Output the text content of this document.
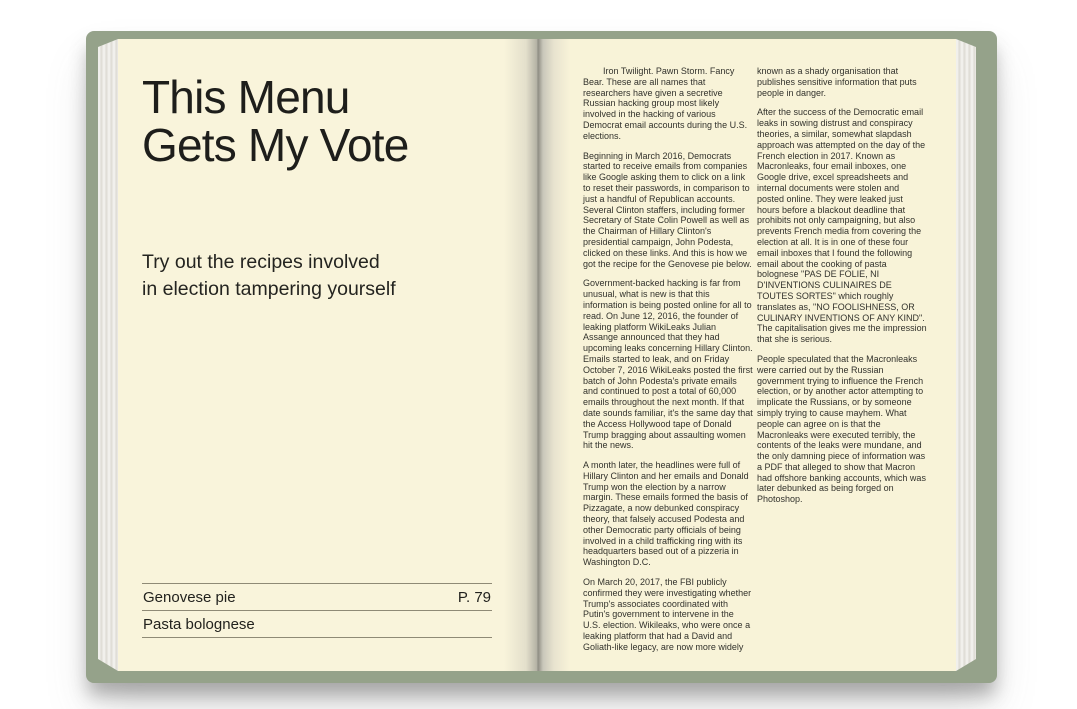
This Menu
Gets My Vote
Try out the recipes involved
in election tampering yourself
Genovese pie	P. 79
Pasta bolognese

Iron Twilight. Pawn Storm. Fancy Bear. These are all names that researchers have given a secretive Russian hacking group most likely involved in the hacking of various Democrat email accounts during the U.S. elections.

Beginning in March 2016, Democrats started to receive emails from companies like Google asking them to click on a link to reset their passwords, in comparison to just a handful of Republican accounts. Several Clinton staffers, including former Secretary of State Colin Powell as well as the Chairman of Hillary Clinton's presidential campaign, John Podesta, clicked on these links. And this is how we got the recipe for the Genovese pie below.

Government-backed hacking is far from unusual, what is new is that this information is being posted online for all to read. On June 12, 2016, the founder of leaking platform WikiLeaks Julian Assange announced that they had upcoming leaks concerning Hillary Clinton. Emails started to leak, and on Friday October 7, 2016 WikiLeaks posted the first batch of John Podesta's private emails and continued to post a total of 60,000 emails throughout the next month. If that date sounds familiar, it's the same day that the Access Hollywood tape of Donald Trump bragging about assaulting women hit the news.

A month later, the headlines were full of Hillary Clinton and her emails and Donald Trump won the election by a narrow margin. These emails formed the basis of Pizzagate, a now debunked conspiracy theory, that falsely accused Podesta and other Democratic party officials of being involved in a child trafficking ring with its headquarters based out of a pizzeria in Washington D.C.

On March 20, 2017, the FBI publicly confirmed they were investigating whether Trump's associates coordinated with Putin's government to intervene in the U.S. election. Wikileaks, who were once a leaking platform that had a David and Goliath-like legacy, are now more widely

known as a shady organisation that publishes sensitive information that puts people in danger.

After the success of the Democratic email leaks in sowing distrust and conspiracy theories, a similar, somewhat slapdash approach was attempted on the day of the French election in 2017. Known as Macronleaks, four email inboxes, one Google drive, excel spreadsheets and internal documents were stolen and posted online. They were leaked just hours before a blackout deadline that prohibits not only campaigning, but also prevents French media from covering the election at all. It is in one of these four email inboxes that I found the following email about the cooking of pasta bolognese "PAS DE FOLIE, NI D'INVENTIONS CULINAIRES DE TOUTES SORTES" which roughly translates as, "NO FOOLISHNESS, OR CULINARY INVENTIONS OF ANY KIND". The capitalisation gives me the impression that she is serious.

People speculated that the Macronleaks were carried out by the Russian government trying to influence the French election, or by another actor attempting to implicate the Russians, or by someone simply trying to cause mayhem. What people can agree on is that the Macronleaks were executed terribly, the contents of the leaks were mundane, and the only damning piece of information was a PDF that alleged to show that Macron had offshore banking accounts, which was later debunked as being forged on Photoshop.
